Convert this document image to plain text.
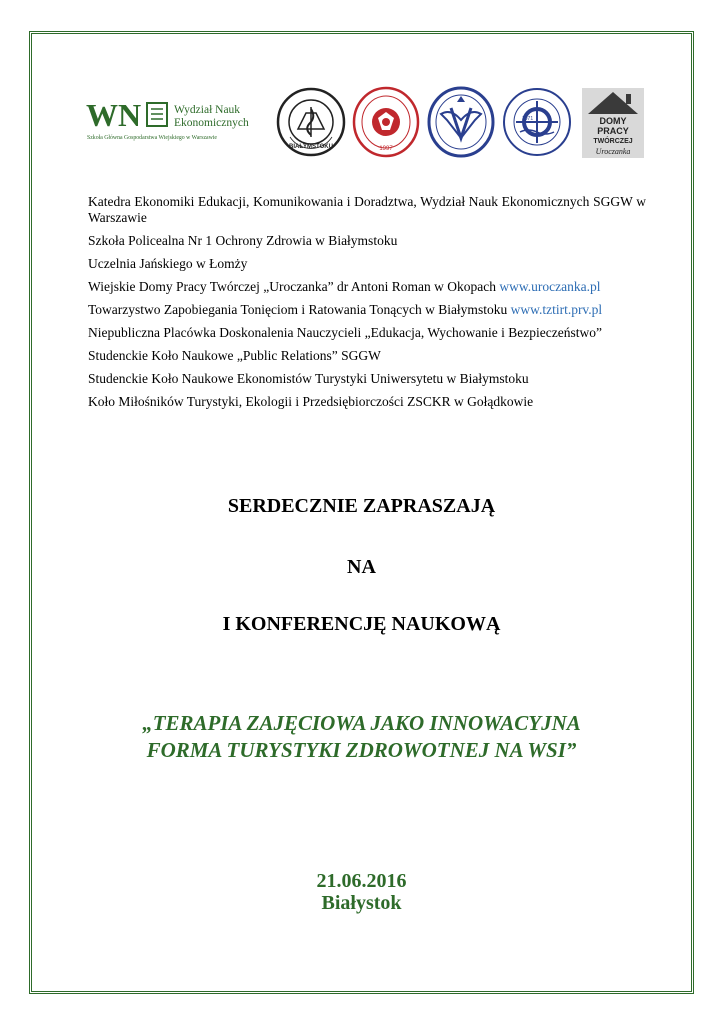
WN	Wydział Nauk
Ekonomicznych
Szkoła Główna Gospodarstwa Wiejskiego w Warszawie
BIAŁYMSTOKU	1997
1971	DOMY
PRACY
TWÓRCZEJ
Uroczanka

Katedra Ekonomiki Edukacji, Komunikowania i Doradztwa, Wydział Nauk Ekonomicznych SGGW w Warszawie

Szkoła Policealna Nr 1 Ochrony Zdrowia w Białymstoku

Uczelnia Jańskiego w Łomży

Wiejskie Domy Pracy Twórczej „Uroczanka” dr Antoni Roman w Okopach www.uroczanka.pl

Towarzystwo Zapobiegania Tonięciom i Ratowania Tonących w Białymstoku www.tztirt.prv.pl

Niepubliczna Placówka Doskonalenia Nauczycieli „Edukacja, Wychowanie i Bezpieczeństwo”

Studenckie Koło Naukowe „Public Relations” SGGW

Studenckie Koło Naukowe Ekonomistów Turystyki Uniwersytetu w Białymstoku

Koło Miłośników Turystyki, Ekologii i Przedsiębiorczości ZSCKR w Gołądkowie

SERDECZNIE ZAPRASZAJĄ
NA
I KONFERENCJĘ NAUKOWĄ
„TERAPIA ZAJĘCIOWA JAKO INNOWACYJNA
FORMA TURYSTYKI ZDROWOTNEJ NA WSI”
21.06.2016
Białystok
